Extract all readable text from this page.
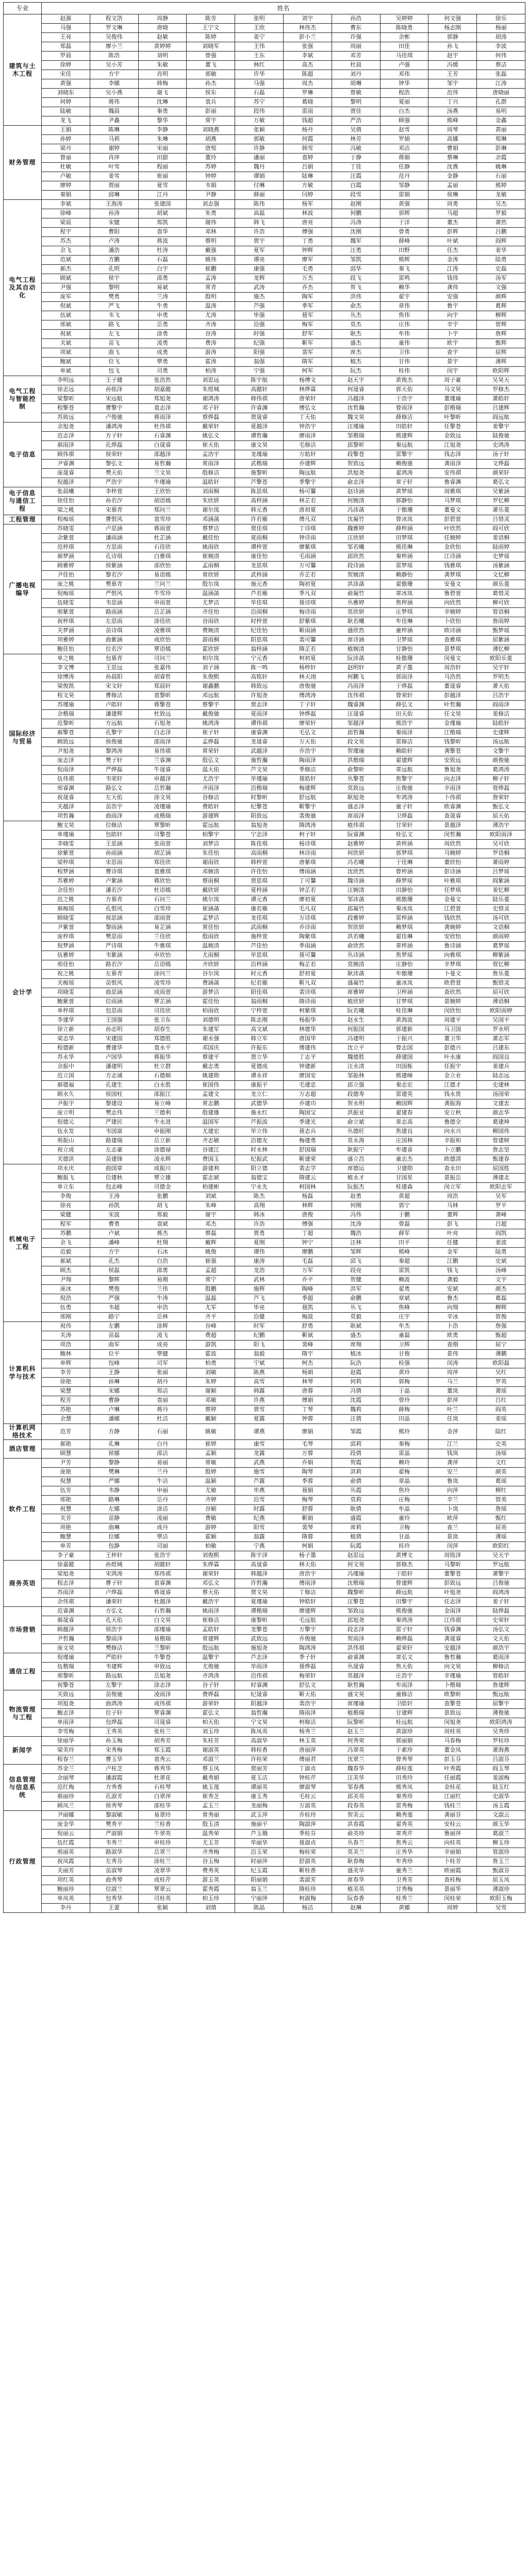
专业	姓名									
建筑与土木工程	赵源	程文浩	周静	陈芳	张明	刘宇	孙浩	吴婷婷	何文强	徐乐
	马强	罗文琳	唐晓	王宁文	王欣	林伟杰	曹东	陈晓勇	杨志刚	杨丽
	王亮	吴俊伟	赵敏	陈婷	姜宁	彭小兰	许强	余彬	郭静	胡涛
	郑磊	廖小兰	黄婷婷	刘晓军	王伟	张强	周丽	田佳	孙飞	李波
	罗晨	陈浩	刘明	曾强	王东	李斌	邓芳	马佳琪	赵宇	何伟
	徐婷	吴小芳	朱敏	董飞	林红	高杰	杜晨	卢强	冯媛	蔡洁
	宋佳	方宇	肖明	郭敏	许华	陈超	刘丹	邓伟	王芳	张磊
	黄强	李娜	韩梅	孙杰	马强	周杰	胡琳	钟华	邹宇	江涛
	刘晓东	吴小燕	谢飞	侯东	石磊	罗琳	曾敏	程浩	范伟	唐晓丽
	何婷	蒋伟	沈琳	袁兵	苏宁	葛晓	黎明	夏丽	丁兴	孔群
	陆敏	魏晨	秦勇	彭丽	段伟	雷雨	贾佳	白杰	汤燕	易明
	龙飞	尹鑫	黎华	常宇	万敏	钱超	严浩	顾强	熊峰	金鑫
财务管理	王娟	陈琳	李静	刘晓燕	张颖	杨丹	吴倩	赵雪	周琴	黄丽
	孙婷	马莉	朱琳	胡燕	郭敏	何霞	林芳	罗娟	高娜	郑琳
	梁丹	谢婷	宋丽	唐悦	许静	韩雪	冯敏	邓洁	曹娟	彭琳
	曾丽	肖萍	田甜	董玲	潘丽	袁婷	于静	蒋娟	蔡琳	余霞
	杜敏	叶雪	程丽	苏婷	魏丹	吕娟	丁佳	任静	沈燕	姚琳
	卢敏	姜雪	崔丽	钟婷	谭娟	陆琳	汪霞	范丹	金静	石丽
	廖婷	贾丽	夏雪	韦娟	付琳	方敏	白霞	邹静	孟丽	熊婷
	秦娟	邱琳	江丹	尹静	薛丽	闫婷	段雪	雷娟	侯琳	龙敏
电气工程及其自动化	李斌	王海涛	张建国	刘志强	陈伟	杨军	赵刚	黄强	周勇	吴杰
	徐峰	孙涛	胡斌	朱勇	高磊	林波	何鹏	郭辉	马超	罗毅
	梁晨	宋健	郑凯	谢伟	韩飞	唐亮	冯涛	于洋	董杰	萧然
	程宇	曹阳	袁华	邓林	许浩	傅强	沈刚	曾勇	彭辉	吕鹏
	苏杰	卢涛	蒋波	蔡明	贾宇	丁勇	魏军	薛峰	叶斌	阎辉
	余飞	潘浩	杜涛	戴强	夏军	钟辉	汪勇	田野	任杰	姜华
	范斌	方鹏	石磊	姚伟	谭亮	廖军	邹凯	熊辉	金涛	陆勇
	郝杰	孔明	白宇	崔鹏	康强	毛勇	邱华	秦飞	江涛	史磊
	顾斌	侯宇	邵勇	孟涛	龙辉	万杰	段飞	雷鸣	钱伟	汤军
	尹强	黎明	易斌	常青	武涛	乔杰	贺飞	赖华	龚伟	文强
	庞军	樊勇	兰涛	殷明	施杰	陶军	洪伟	翟宇	安强	颜辉
	倪斌	严飞	牛勇	温涛	芦强	季军	俞杰	章伟	鲁宇	葛辉
	伍斌	韦飞	申勇	尤涛	毕强	聂军	丛杰	焦伟	向宇	柳辉
	邢斌	路飞	岳勇	齐涛	沿强	梅军	莫杰	庄伟	辛宇	管辉
	祝斌	左飞	涂勇	谷涛	时强	舒军	耿杰	牟伟	卜宇	詹辉
	关斌	苗飞	凌勇	费涛	纪强	靳军	盛杰	童伟	欧宇	甄辉
	项斌	曲飞	成勇	游涛	阳强	裴军	席杰	卫伟	查宇	屈辉
	鲍斌	位飞	覃勇	霍涛	翁强	隋军	植杰	甘伟	景宇	薄辉
	单斌	包飞	司勇	柏涛	宁强	柯军	阮杰	桂伟	闵宇	欧阳辉
电气工程与智能控制	李明远	王子健	张浩然	刘思远	陈宇航	杨博文	赵天宇	黄俊杰	周子豪	吴昊天
	徐志远	孙铭泽	胡嘉懿	朱煜城	高懿轩	林烨霖	何晟睿	郭天佑	马文昊	罗修杰
	梁黎昕	宋远航	郑旭尧	谢鸿涛	韩伟祺	唐荣轩	冯越泽	于浩宇	董瑾瑜	萧皓轩
	程擎苍	曹擎宇	袁志泽	邓子轩	许睿渊	傅弘文	沈哲瀚	曾雨泽	彭楷瑞	吕建辉
	苏致远	卢俊驰	蒋雨泽	蔡烨磊	贾晟睿	丁天佑	魏文昊	薛修洁	叶黎昕	阎远航
电子信息	余旭尧	潘鸿涛	杜伟祺	戴荣轩	夏越泽	钟浩宇	汪瑾瑜	田皓轩	任擎苍	姜擎宇
	范志泽	方子轩	石睿渊	姚弘文	谭哲瀚	廖雨泽	邹楷瑞	熊建辉	金致远	陆俊驰
	郝雨泽	孔烨磊	白晟睿	崔天佑	康文昊	毛修洁	邱黎昕	秦远航	江旭尧	史鸿涛
	顾伟祺	侯荣轩	邵越泽	孟浩宇	龙瑾瑜	万皓轩	段擎苍	雷擎宇	钱志泽	汤子轩
	尹睿渊	黎弘文	易哲瀚	常雨泽	武楷瑞	乔建辉	贺致远	赖俊驰	龚雨泽	文烨磊
	庞晟睿	樊天佑	兰文昊	殷修洁	施黎昕	陶远航	洪旭尧	翟鸿涛	安伟祺	颜荣轩
	倪越泽	严浩宇	牛瑾瑜	温皓轩	芦擎苍	季擎宇	俞志泽	章子轩	鲁睿渊	葛弘文
电子信息与通信工程	张晨曦	李梓萱	王欣怡	刘雨桐	陈思琪	杨可馨	赵诗涵	黄梦瑶	周雅琪	吴紫涵
	徐佳怡	孙若汐	胡语嫣	朱欣妍	高梓涵	林芷若	何婉清	郭静怡	马梦琪	罗忆柳
	梁之桃	宋慕青	郑问兰	谢尔岚	韩元香	唐初夏	冯沛菡	于傲珊	董曼文	萧乐菱
工程管理	程痴瑶	曹恨风	袁雪珍	邓涵菡	许若雁	傅凡双	沈凝竹	曾冰岚	彭碧萱	吕惜灵
广播电视编导	苏晓雯	卢思涵	蒋雨萱	蔡梦洁	贾佳琪	丁诗琪	魏雅婷	薛梓涵	叶欣然	阎可欣
	余紫萱	潘雨涵	杜芷涵	戴佳怡	夏雨桐	钟诗雨	汪欣妍	田梦琪	任婉婷	姜语桐
	范梓琪	方思雨	石佳欣	姚雨欣	谭梓萱	廖紫琪	邹若曦	熊佳琳	金欣怡	陆雨婷
	郝梦涵	孔诗琪	白雅琪	崔婉清	康佳怡	毛雨涵	邱欣然	秦梓涵	江诗涵	史梦瑶
	顾雅婷	侯紫涵	邵欣怡	孟雨桐	龙思琪	万可馨	段诗涵	雷梦瑶	钱雅琪	汤紫涵
	尹佳怡	黎若汐	易语嫣	常欣妍	武梓涵	乔芷若	贺婉清	赖静怡	龚梦琪	文忆柳
	庞之桃	樊慕青	兰问兰	殷尔岚	施元香	陶初夏	洪沛菡	翟傲珊	安曼文	颜乐菱
	倪痴瑶	严恨风	牛雪珍	温涵菡	芦若雁	季凡双	俞凝竹	章冰岚	鲁碧萱	葛惜灵
	伍晓雯	韦思涵	申雨萱	尤梦洁	毕佳琪	聂诗琪	丛雅婷	焦梓涵	向欣然	柳可欣
	邢紫萱	路雨涵	岳芷涵	齐佳怡	沿雨桐	梅诗雨	莫欣妍	庄梦琪	辛婉婷	管语桐
	祝梓琪	左思雨	涂佳欣	谷雨欣	时梓萱	舒紫琪	耿若曦	牟佳琳	卜欣怡	詹雨婷
	关梦涵	苗诗琪	凌雅琪	费婉清	纪佳怡	靳雨涵	盛欣然	童梓涵	欧诗涵	甄梦瑶
	项雅婷	曲紫涵	成欣怡	游雨桐	阳思琪	裴可馨	席诗涵	卫梦瑶	查雅琪	屈紫涵
	鲍佳怡	位若汐	覃语嫣	霍欣妍	翁梓涵	隋芷若	植婉清	甘静怡	景梦琪	薄忆柳
国际经济与贸易	单之桃	包慕青	司问兰	柏尔岚	宁元香	柯初夏	阮沛菡	桂傲珊	闵曼文	欧阳乐菱
	李文博	王思远	张嘉伟	刘子涵	陈一鸣	杨梓轩	赵明轩	黄子墨	周浩轩	吴宇轩
	徐博涛	孙晨阳	胡睿哲	朱俊熙	高铭轩	林天翊	何鹏飞	郭雨泽	马浩然	罗明杰
	梁俊凯	宋文轩	郑晨轩	谢鑫鹏	韩致远	唐俊驰	冯雨泽	于烨磊	董晟睿	萧天佑
	程文昊	曹修洁	袁黎昕	邓远航	许旭尧	傅鸿涛	沈伟祺	曾荣轩	彭越泽	吕浩宇
	苏瑾瑜	卢皓轩	蒋擎苍	蔡擎宇	贾志泽	丁子轩	魏睿渊	薛弘文	叶哲瀚	阎雨泽
	余楷瑞	潘建辉	杜致远	戴俊驰	夏雨泽	钟烨磊	汪晟睿	田天佑	任文昊	姜修洁
	范黎昕	方远航	石旭尧	姚鸿涛	谭伟祺	廖荣轩	邹越泽	熊浩宇	金瑾瑜	陆皓轩
	郝擎苍	孔擎宇	白志泽	崔子轩	康睿渊	毛弘文	邱哲瀚	秦雨泽	江楷瑞	史建辉
	顾致远	侯俊驰	邵雨泽	孟烨磊	龙晟睿	万天佑	段文昊	雷修洁	钱黎昕	汤远航
	尹旭尧	黎鸿涛	易伟祺	常荣轩	武越泽	乔浩宇	贺瑾瑜	赖皓轩	龚擎苍	文擎宇
	庞志泽	樊子轩	兰睿渊	殷弘文	施哲瀚	陶雨泽	洪楷瑞	翟建辉	安致远	颜俊驰
	倪雨泽	严烨磊	牛晟睿	温天佑	芦文昊	季修洁	俞黎昕	章远航	鲁旭尧	葛鸿涛
	伍伟祺	韦荣轩	申越泽	尤浩宇	毕瑾瑜	聂皓轩	丛擎苍	焦擎宇	向志泽	柳子轩
	邢睿渊	路弘文	岳哲瀚	齐雨泽	沿楷瑞	梅建辉	莫致远	庄俊驰	辛雨泽	管烨磊
	祝晟睿	左天佑	涂文昊	谷修洁	时黎昕	舒远航	耿旭尧	牟鸿涛	卜伟祺	詹荣轩
	关越泽	苗浩宇	凌瑾瑜	费皓轩	纪擎苍	靳擎宇	盛志泽	童子轩	欧睿渊	甄弘文
	项哲瀚	曲雨泽	成楷瑞	游建辉	阳致远	裴俊驰	席雨泽	卫烨磊	查晟睿	屈天佑
会计学	鲍文昊	位修洁	覃黎昕	霍远航	翁旭尧	隋鸿涛	植伟祺	甘荣轩	景越泽	薄浩宇
	单瑾瑜	包皓轩	司擎苍	柏擎宇	宁志泽	柯子轩	阮睿渊	桂弘文	闵哲瀚	欧阳雨泽
	李晓雯	王思涵	张雨萱	刘梦洁	陈佳琪	杨诗琪	赵雅婷	黄梓涵	周欣然	吴可欣
	徐紫萱	孙雨涵	胡芷涵	朱佳怡	高雨桐	林诗雨	何欣妍	郭梦琪	马婉婷	罗语桐
	梁梓琪	宋思雨	郑佳欣	谢雨欣	韩梓萱	唐紫琪	冯若曦	于佳琳	董欣怡	萧雨婷
	程梦涵	曹诗琪	袁雅琪	邓婉清	许佳怡	傅雨涵	沈欣然	曾梓涵	彭诗涵	吕梦瑶
	苏雅婷	卢紫涵	蒋欣怡	蔡雨桐	贾思琪	丁可馨	魏诗涵	薛梦瑶	叶雅琪	阎紫涵
	余佳怡	潘若汐	杜语嫣	戴欣妍	夏梓涵	钟芷若	汪婉清	田静怡	任梦琪	姜忆柳
	范之桃	方慕青	石问兰	姚尔岚	谭元香	廖初夏	邹沛菡	熊傲珊	金曼文	陆乐菱
	郝痴瑶	孔恨风	白雪珍	崔涵菡	康若雁	毛凡双	邱凝竹	秦冰岚	江碧萱	史惜灵
	顾晓雯	侯思涵	邵雨萱	孟梦洁	龙佳琪	万诗琪	段雅婷	雷梓涵	钱欣然	汤可欣
	尹紫萱	黎雨涵	易芷涵	常佳怡	武雨桐	乔诗雨	贺欣妍	赖梦琪	龚婉婷	文语桐
	庞梓琪	樊思雨	兰佳欣	殷雨欣	施梓萱	陶紫琪	洪若曦	翟佳琳	安欣怡	颜雨婷
	倪梦涵	严诗琪	牛雅琪	温婉清	芦佳怡	季雨涵	俞欣然	章梓涵	鲁诗涵	葛梦瑶
	伍雅婷	韦紫涵	申欣怡	尤雨桐	毕思琪	聂可馨	丛诗涵	焦梦瑶	向雅琪	柳紫涵
	邢佳怡	路若汐	岳语嫣	齐欣妍	沿梓涵	梅芷若	莫婉清	庄静怡	辛梦琪	管忆柳
	祝之桃	左慕青	涂问兰	谷尔岚	时元香	舒初夏	耿沛菡	牟傲珊	卜曼文	詹乐菱
	关痴瑶	苗恨风	凌雪珍	费涵菡	纪若雁	靳凡双	盛凝竹	童冰岚	欧碧萱	甄惜灵
	项晓雯	曲思涵	成雨萱	游梦洁	阳佳琪	裴诗琪	席雅婷	卫梓涵	查欣然	屈可欣
	鲍紫萱	位雨涵	覃芷涵	霍佳怡	翁雨桐	隋诗雨	植欣妍	甘梦琪	景婉婷	薄语桐
	单梓琪	包思雨	司佳欣	柏雨欣	宁梓萱	柯紫琪	阮若曦	桂佳琳	闵欣怡	欧阳雨婷
	李建华	王国强	张卫东	刘德明	陈志刚	杨振华	赵永生	黄海波	周建平	吴国平
	徐立新	孙志明	胡春生	朱建军	高文斌	林德华	何振国	郭建新	马卫国	罗永明
	梁志华	宋建国	郑德胜	谢永强	韩立军	唐国华	冯建明	于振兴	董卫华	萧志军
	程德新	曹建华	袁永平	邓国庆	许振东	傅建伟	沈立平	曾志国	彭德兴	吕建东
	苏永华	卢国华	蒋振华	蔡建平	贾立华	丁志平	魏德胜	薛建国	叶永康	阎国良
	余振中	潘建明	杜立群	戴志勇	夏德成	钟建新	汪永清	田国栋	任振宇	姜建兵
	范立国	方志诚	石德顺	姚建勋	谭永祥	廖国安	邹振林	熊建峰	金立业	陆志远
	郝德福	孔建生	白永胜	崔国伟	康振平	毛建忠	邱立强	秦志宏	江德才	史建林
	顾永久	侯国柱	邵振江	孟建文	龙立仁	万志超	段德寿	雷建英	钱永贵	汤国荣
	尹振宇	黎建设	易立峰	常志鹏	武德华	乔建功	贺永明	赖国辉	龚振海	文建忠
	庞立明	樊志伟	兰德利	殷建雄	施永红	陶国宝	洪振亚	翟建春	安立秋	颜志华
	倪德元	严建民	牛永进	温国军	芦振波	季建光	俞立斌	章志高	鲁德全	葛建坤
	伍永发	韦国富	申振刚	尤建宏	毕立伟	聂志兵	丛德旺	焦建良	向永兴	柳国伟
	邢振山	路建瑞	岳立新	齐志敏	沿德友	梅建勇	莫永海	庄国林	辛振和	管建树
	祝立成	左志豪	涂德禄	谷建江	时永林	舒国瑞	耿振宁	牟建喜	卜立鹏	詹志坚
	关德洪	苗建锋	凌永辉	费国玉	纪振武	靳建荣	盛立昌	童志杰	欧德清	甄建春
机械电子工程	项永庆	曲国章	成振川	游建利	阳立德	裴志学	席德运	卫建勋	查永田	屈国胜
	鲍振飞	位建秋	覃立雄	霍志斌	翁德宝	隋建云	植永才	甘国星	景振岳	薄建北
	单立东	包志峰	司德金	柏建彬	宁永先	柯国林	阮振杰	桂建森	闵立军	欧阳志军
	李俊	王涛	张鹏	刘斌	陈杰	杨磊	赵勇	黄超	周浩	吴军
	徐亮	孙凯	胡飞	朱峰	高翔	林辉	何刚	郭宁	马林	罗平
	梁健	宋波	郑毅	谢宇	韩冰	唐俊	冯伟	于鹏	董辉	萧峰
	程军	曹勇	袁斌	邓杰	许浩	傅强	沈涛	曾磊	彭飞	吕超
	苏鹏	卢斌	蒋杰	蔡磊	贾勇	丁超	魏浩	薛军	叶亮	阎凯
	余飞	潘峰	杜翔	戴辉	夏刚	钟宁	汪林	田平	任健	姜波
	范毅	方宇	石冰	姚俊	谭伟	廖鹏	邹辉	熊峰	金军	陆勇
	郝斌	孔杰	白浩	崔强	康涛	毛磊	邱飞	秦超	江鹏	史斌
	顾杰	侯磊	邵勇	孟超	龙浩	万军	段亮	雷凯	钱飞	汤峰
	尹翔	黎辉	易刚	常宁	武林	乔平	贺健	赖波	龚毅	文宇
	庞冰	樊俊	兰伟	殷鹏	施辉	陶峰	洪军	翟勇	安斌	颜杰
	倪浩	严强	牛涛	温磊	芦飞	季超	俞鹏	章斌	鲁杰	葛磊
	伍勇	韦超	申浩	尤军	毕亮	聂凯	丛飞	焦峰	向翔	柳辉
	邢刚	路宁	岳林	齐平	沿健	梅波	莫毅	庄宇	辛冰	管俊
计算机科学与技术	祝伟	左鹏	涂辉	谷峰	时军	舒勇	耿斌	牟杰	卜浩	詹强
	关涛	苗磊	凌飞	费超	纪鹏	靳斌	盛杰	童磊	欧勇	甄超
	项浩	曲军	成亮	游凯	阳飞	裴峰	席翔	卫辉	查刚	屈宁
	鲍林	位平	覃健	霍波	翁毅	隋宇	植冰	甘俊	景伟	薄鹏
	单辉	包峰	司军	柏勇	宁斌	柯杰	阮浩	桂强	闵涛	欧阳磊
	李芳	王静	张丽	刘敏	陈燕	杨娟	赵霞	黄玲	周萍	吴红
	徐艳	孙琳	胡丹	朱婷	高雪	林琴	何莉	郭梅	马兰	罗英
	梁慧	宋娜	郑洁	谢颖	韩露	唐蓉	冯倩	于晶	董岚	萧瑶
	程芳	曹静	袁丽	邓敏	许燕	傅娟	沈霞	曾玲	彭萍	吕红
	苏艳	卢琳	蒋丹	蔡婷	贾雪	丁琴	魏莉	薛梅	叶兰	阎英
	余慧	潘娜	杜洁	戴颖	夏露	钟蓉	汪倩	田晶	任岚	姜瑶
计算机网络技术	范芳	方静	石丽	姚敏	谭燕	廖娟	邹霞	熊玲	金萍	陆红
酒店管理	郝艳	孔琳	白丹	崔婷	康雪	毛琴	邱莉	秦梅	江兰	史英
	顾慧	侯娜	邵洁	孟颖	龙露	万蓉	段倩	雷晶	钱岚	汤瑶
软件工程	尹芳	黎静	易丽	常敏	武燕	乔娟	贺霞	赖玲	龚萍	文红
	庞艳	樊琳	兰丹	殷婷	施雪	陶琴	洪莉	翟梅	安兰	颜英
	倪慧	严娜	牛洁	温颖	芦露	季蓉	俞倩	章晶	鲁岚	葛瑶
	伍芳	韦静	申丽	尤敏	毕燕	聂娟	丛霞	焦玲	向萍	柳红
	邢艳	路琳	岳丹	齐婷	沿雪	梅琴	莫莉	庄梅	辛兰	管英
	祝慧	左娜	涂洁	谷颖	时露	舒蓉	耿倩	牟晶	卜岚	詹瑶
	关芳	苗静	凌丽	费敏	纪燕	靳娟	盛霞	童玲	欧萍	甄红
	项艳	曲琳	成丹	游婷	阳雪	裴琴	席莉	卫梅	查兰	屈英
	鲍慧	位娜	覃洁	霍颖	翁露	隋蓉	植倩	甘晶	景岚	薄瑶
	单芳	包静	司丽	柏敏	宁燕	柯娟	阮霞	桂玲	闵萍	欧阳红
	李子豪	王梓轩	张浩宇	刘俊熙	陈宇泽	杨子墨	赵思远	黄博文	周铭泽	吴天宇
商务英语	徐嘉懿	孙煜城	胡懿轩	朱烨霖	高晟睿	林天佑	何文昊	郭修杰	马黎昕	罗远航
	梁旭尧	宋鸿涛	郑伟祺	谢荣轩	韩越泽	唐浩宇	冯瑾瑜	于皓轩	董擎苍	萧擎宇
	程志泽	曹子轩	袁睿渊	邓弘文	许哲瀚	傅雨泽	沈楷瑞	曾建辉	彭致远	吕俊驰
	苏雨泽	卢烨磊	蒋晟睿	蔡天佑	贾文昊	丁修洁	魏黎昕	薛远航	叶旭尧	阎鸿涛
	余伟祺	潘荣轩	杜越泽	戴浩宇	夏瑾瑜	钟皓轩	汪擎苍	田擎宇	任志泽	姜子轩
市场营销	范睿渊	方弘文	石哲瀚	姚雨泽	谭楷瑞	廖建辉	邹致远	熊俊驰	金雨泽	陆烨磊
	郝晟睿	孔天佑	白文昊	崔修洁	康黎昕	毛远航	邱旭尧	秦鸿涛	江伟祺	史荣轩
	顾越泽	侯浩宇	邵瑾瑜	孟皓轩	龙擎苍	万擎宇	段志泽	雷子轩	钱睿渊	汤弘文
	尹哲瀚	黎雨泽	易楷瑞	常建辉	武致远	乔俊驰	贺雨泽	赖烨磊	龚晟睿	文天佑
	庞文昊	樊修洁	兰黎昕	殷远航	施旭尧	陶鸿涛	洪伟祺	翟荣轩	安越泽	颜浩宇
通信工程	倪瑾瑜	严皓轩	牛擎苍	温擎宇	芦志泽	季子轩	俞睿渊	章弘文	鲁哲瀚	葛雨泽
	伍楷瑞	韦建辉	申致远	尤俊驰	毕雨泽	聂烨磊	丛晟睿	焦天佑	向文昊	柳修洁
	邢黎昕	路远航	岳旭尧	齐鸿涛	沿伟祺	梅荣轩	莫越泽	庄浩宇	辛瑾瑜	管皓轩
	祝擎苍	左擎宇	涂志泽	谷子轩	时睿渊	舒弘文	耿哲瀚	牟雨泽	卜楷瑞	詹建辉
物流管理与工程	关致远	苗俊驰	凌雨泽	费烨磊	纪晟睿	靳天佑	盛文昊	童修洁	欧黎昕	甄远航
	项旭尧	曲鸿涛	成伟祺	游荣轩	阳越泽	裴浩宇	席瑾瑜	卫皓轩	查擎苍	屈擎宇
	鲍志泽	位子轩	覃睿渊	霍弘文	翁哲瀚	隋雨泽	植楷瑞	甘建辉	景致远	薄俊驰
	单雨泽	包烨磊	司晟睿	柏天佑	宁文昊	柯修洁	阮黎昕	桂远航	闵旭尧	欧阳鸿涛
	李雪梅	王秀英	张桂兰	刘玉珍	陈凤英	杨秀兰	赵玉兰	黄淑珍	周桂英	吴秀珍
新闻学	徐丽华	孙玉梅	胡秀芳	朱桂芳	高淑华	林玉英	何秀荣	郭丽娟	马春梅	罗桂珍
	梁美玲	宋秀梅	郑玉霞	谢淑英	韩桂香	唐丽萍	冯翠英	于素珍	董金凤	萧海燕
	程春兰	曹玉华	袁秀云	邓淑兰	许桂荣	傅丽君	沈翠兰	曾秀琴	彭玉芬	吕淑芬
信息管理与信息系统	苏金兰	卢桂芝	蒋秀华	蔡玉凤	贾丽芳	丁淑贞	魏春华	薛桂莲	叶秀霞	阎玉琴
	余丽琴	潘淑霞	杜翠花	戴秀娟	夏玉洁	钟桂芹	汪美华	田秀玲	任丽霞	姜淑梅
	范红梅	方秀香	石桂琴	姚玉莲	谭丽英	廖淑琴	邹春燕	熊秀凤	金桂花	陆玉红
	郝丽珍	孔淑芳	白翠萍	崔秀芝	康玉秀	毛桂云	邱美英	秦秀珍	江丽红	史淑华
	顾凤兰	侯秀琴	邵桂华	孟玉兰	龙丽梅	万淑英	段春英	雷秀梅	钱桂兰	汤玉霞
行政管理	尹丽娜	黎淑敏	易翠玲	常秀丽	武玉萍	乔桂玲	贺美云	赖秀莲	龚丽芬	文淑云
	庞金华	樊秀平	兰桂香	殷玉清	施丽平	陶淑萍	洪春霞	翟秀英	安桂云	颜玉华
	倪丽云	严淑娟	牛翠英	温秀荣	芦玉娥	季桂芬	俞美珍	章秀芹	鲁丽萍	葛淑兰
	伍红霞	韦秀兰	申桂珍	尤玉芳	毕丽华	聂淑贞	丛春兰	焦秀云	向桂英	柳玉珍
	邢丽英	路淑华	岳翠兰	齐秀梅	沿玉荣	梅桂荣	莫美兰	庄秀华	辛丽娟	管淑珍
	祝凤霞	左秀芬	涂桂兰	谷玉梅	时丽萍	舒淑英	耿春梅	牟秀珍	卜桂芳	詹玉兰
	关丽芳	苗淑琴	凌翠华	费秀英	纪玉霞	靳桂香	盛美华	童秀兰	欧丽霞	甄淑芬
	项红英	曲秀琴	成桂芹	游玉英	阳丽娟	裴淑芳	席春华	卫秀芳	查桂梅	屈玉凤
	鲍丽珍	位淑兰	覃翠云	霍秀霞	翁玉兰	隋桂珍	植美英	甘秀梅	景丽华	薄淑珍
	单凤英	包秀华	司桂英	柏玉珍	宁丽萍	柯淑梅	阮春香	桂秀兰	闵桂荣	欧阳玉梅
	李丹	王蕾	张颖	刘倩	陈晶	杨洁	赵琳	黄娜	周婷	吴雪
